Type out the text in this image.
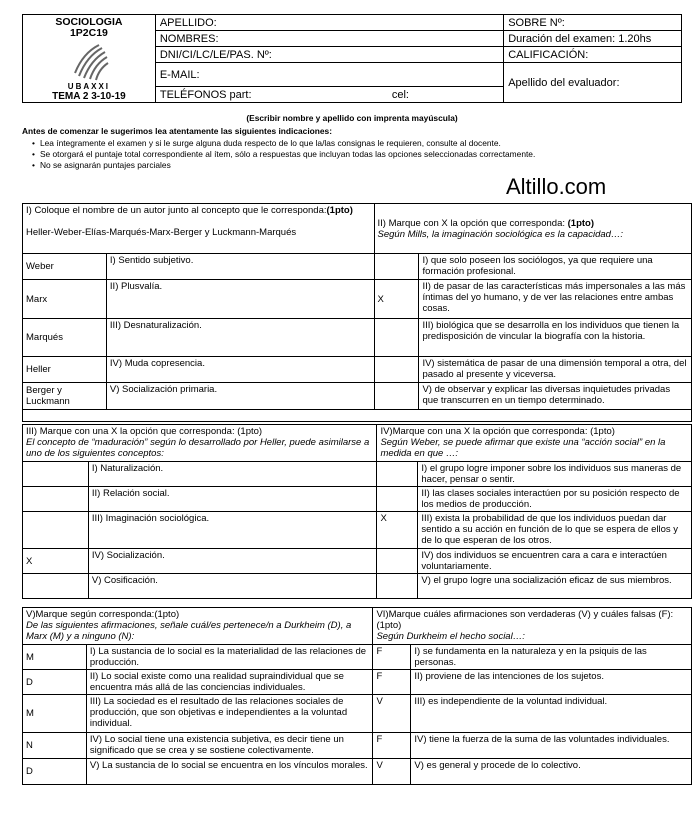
SOCIOLOGIA
1P2C19
UBAXXI
TEMA 2 3-10-19	APELLIDO:	SOBRE Nº:
	NOMBRES:	Duración del examen: 1.20hs
	DNI/CI/LC/LE/PAS. Nº:	CALIFICACIÓN:
	E-MAIL:	Apellido del evaluador:
	TELÉFONOS part: cel:	
(Escribir nombre y apellido con imprenta mayúscula)
Antes de comenzar le sugerimos lea atentamente las siguientes indicaciones:
• Lea íntegramente el examen y si le surge alguna duda respecto de lo que la/las consignas le requieren, consulte al docente.
• Se otorgará el puntaje total correspondiente al ítem, sólo a respuestas que incluyan todas las opciones seleccionadas correctamente.
• No se asignarán puntajes parciales
Altillo.com
I) Coloque el nombre de un autor junto al concepto que le corresponda:(1pto)

Heller-Weber-Elías-Marqués-Marx-Berger y Luckmann-Marqués		II) Marque con X la opción que corresponda: (1pto)
Según Mills, la imaginación sociológica es la capacidad…:	
Weber	I) Sentido subjetivo.		I) que solo poseen los sociólogos, ya que requiere una formación profesional.
Marx	II) Plusvalía.	X	II) de pasar de las características más impersonales a las más íntimas del yo humano, y de ver las relaciones entre ambas cosas.
Marqués	III) Desnaturalización.		III) biológica que se desarrolla en los individuos que tienen la predisposición de vincular la biografía con la historia.
Heller	IV) Muda copresencia.		IV) sistemática de pasar de una dimensión temporal a otra, del pasado al presente y viceversa.
Berger y Luckmann	V) Socialización primaria.		V) de observar y explicar las diversas inquietudes privadas que transcurren en un tiempo determinado.

III) Marque con una X la opción que corresponda: (1pto)
El concepto de “maduración” según lo desarrollado por Heller, puede asimilarse a uno de los siguientes conceptos:		IV)Marque con una X la opción que corresponda: (1pto)
Según Weber, se puede afirmar que existe una “acción social” en la medida en que …:	
	I) Naturalización.		I) el grupo logre imponer sobre los individuos sus maneras de hacer, pensar o sentir.
	II) Relación social.		II) las clases sociales interactúen por su posición respecto de los medios de producción.
	III) Imaginación sociológica.	X	III) exista la probabilidad de que los individuos puedan dar sentido a su acción en función de lo que se espera de ellos y de lo que esperan de los otros.
X	IV) Socialización.		IV) dos individuos se encuentren cara a cara e interactúen voluntariamente.
	V) Cosificación.		V) el grupo logre una socialización eficaz de sus miembros.
V)Marque según corresponda:(1pto)
De las siguientes afirmaciones, señale cuál/es pertenece/n a Durkheim (D), a Marx (M) y a ninguno (N):		VI)Marque cuáles afirmaciones son verdaderas (V) y cuáles falsas (F):(1pto)
Según Durkheim el hecho social…:	
M	I) La sustancia de lo social es la materialidad de las relaciones de producción.	F	I) se fundamenta en la naturaleza y en la psiquis de las personas.
D	II) Lo social existe como una realidad supraindividual que se encuentra más allá de las conciencias individuales.	F	II) proviene de las intenciones de los sujetos.
M	III) La sociedad es el resultado de las relaciones sociales de producción, que son objetivas e independientes a la voluntad individual.	V	III) es independiente de la voluntad individual.
N	IV) Lo social tiene una existencia subjetiva, es decir tiene un significado que se crea y se sostiene colectivamente.	F	IV) tiene la fuerza de la suma de las voluntades individuales.
D	V) La sustancia de lo social se encuentra en los vínculos morales.	V	V) es general y procede de lo colectivo.
